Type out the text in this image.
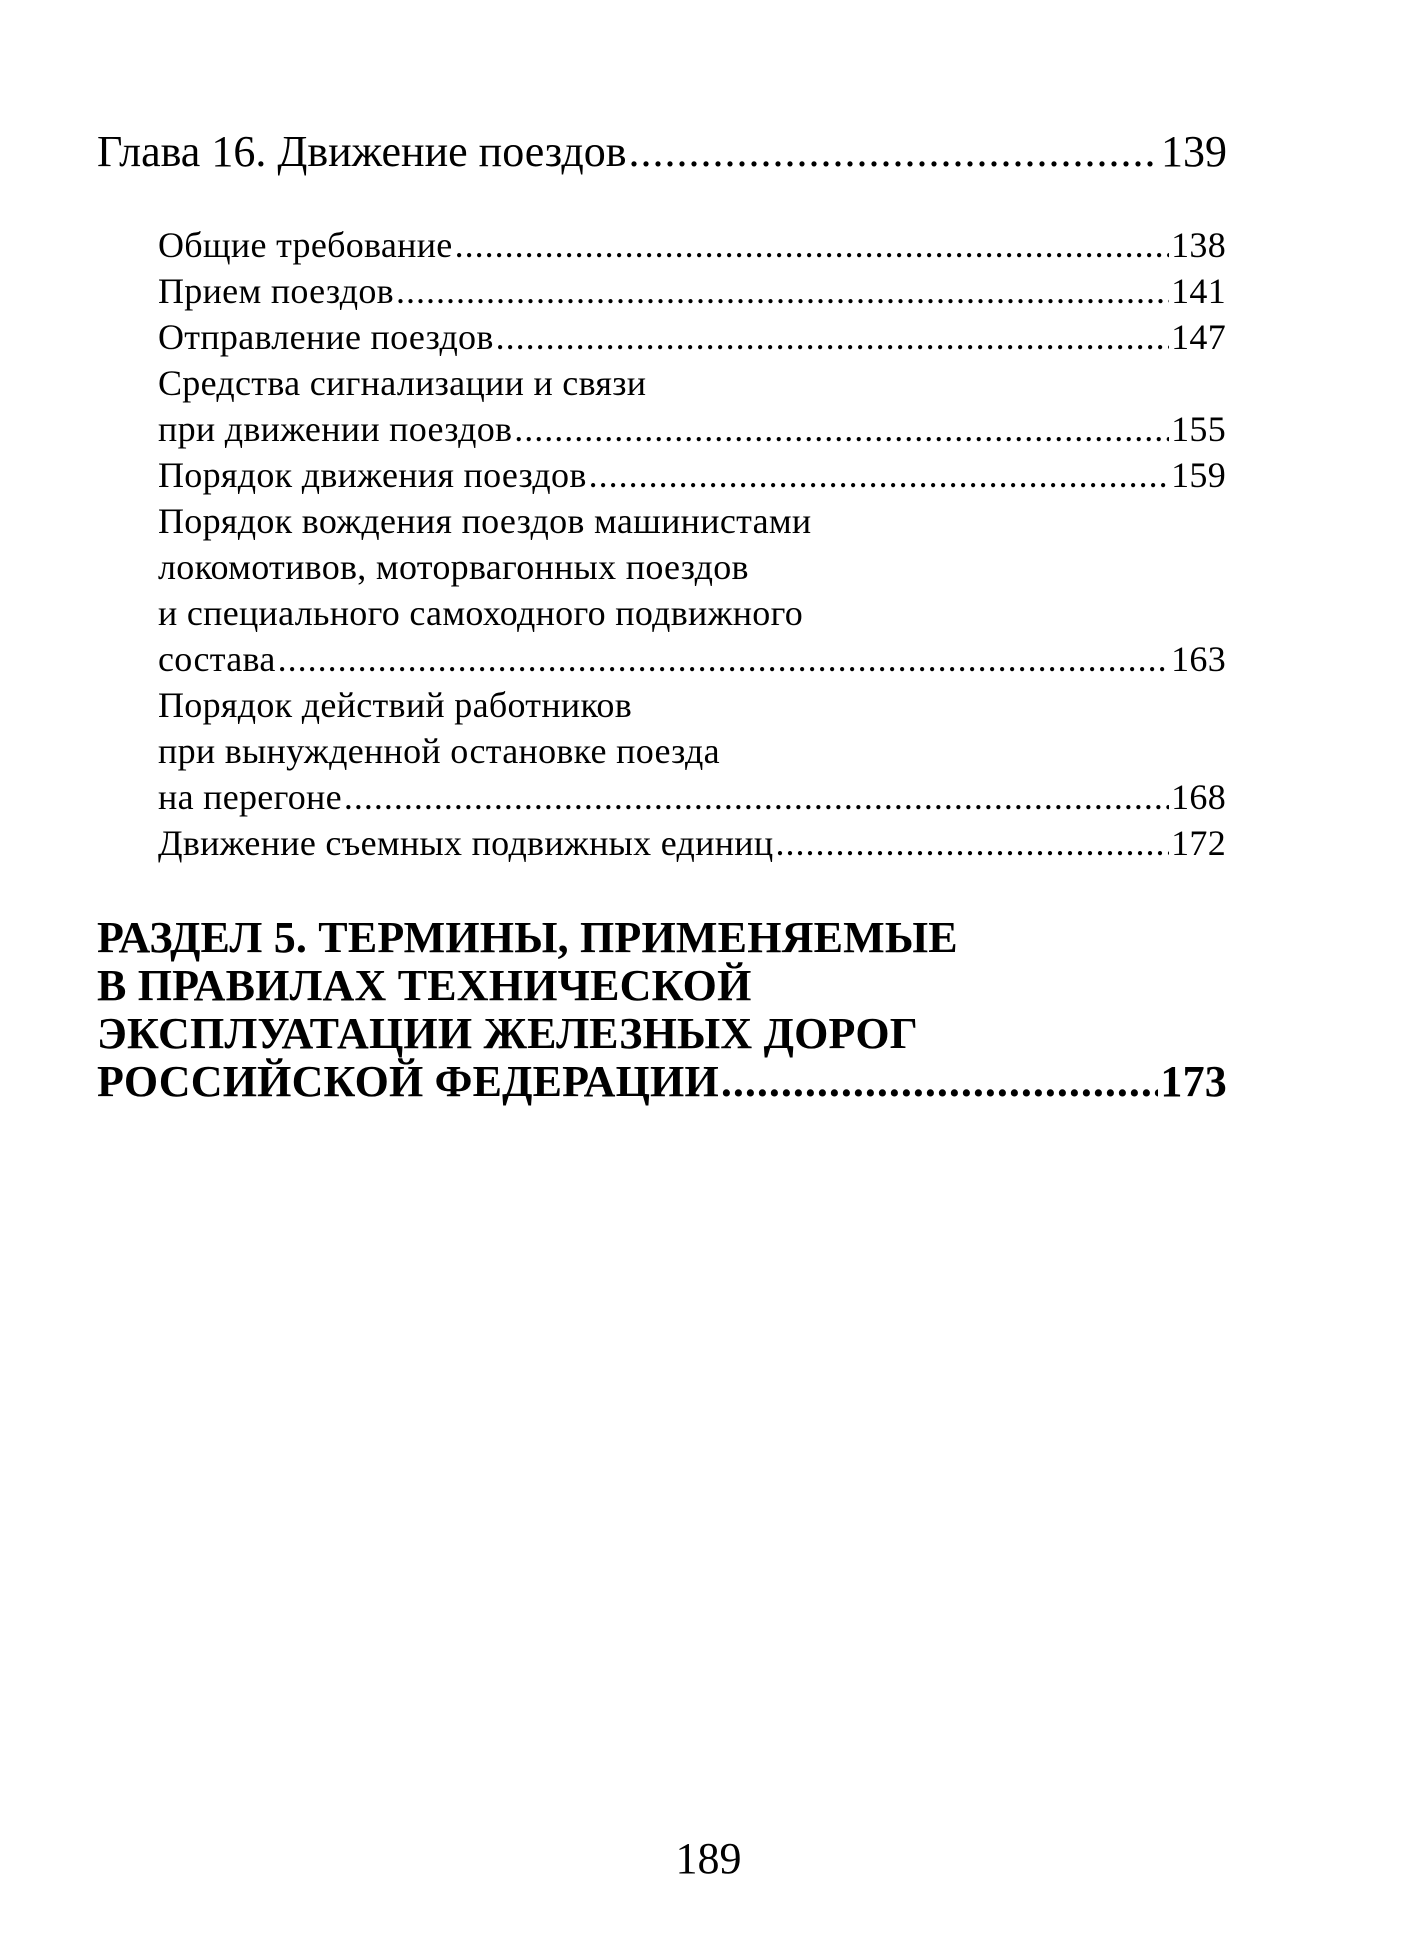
Глава 16. Движение поездов .....	139
Общие требование .....	138
Прием поездов .....	141
Отправление поездов .....	147
Средства сигнализации и связи
при движении поездов .....	155
Порядок движения поездов .....	159
Порядок вождения поездов машинистами
локомотивов, моторвагонных поездов
и специального самоходного подвижного
состава .....	163
Порядок действий работников
при вынужденной остановке поезда
на перегоне .....	168
Движение съемных подвижных единиц .....	172
РАЗДЕЛ 5. ТЕРМИНЫ, ПРИМЕНЯЕМЫЕ
В ПРАВИЛАХ ТЕХНИЧЕСКОЙ
ЭКСПЛУАТАЦИИ ЖЕЛЕЗНЫХ ДОРОГ
РОССИЙСКОЙ ФЕДЕРАЦИИ .....	173
189
